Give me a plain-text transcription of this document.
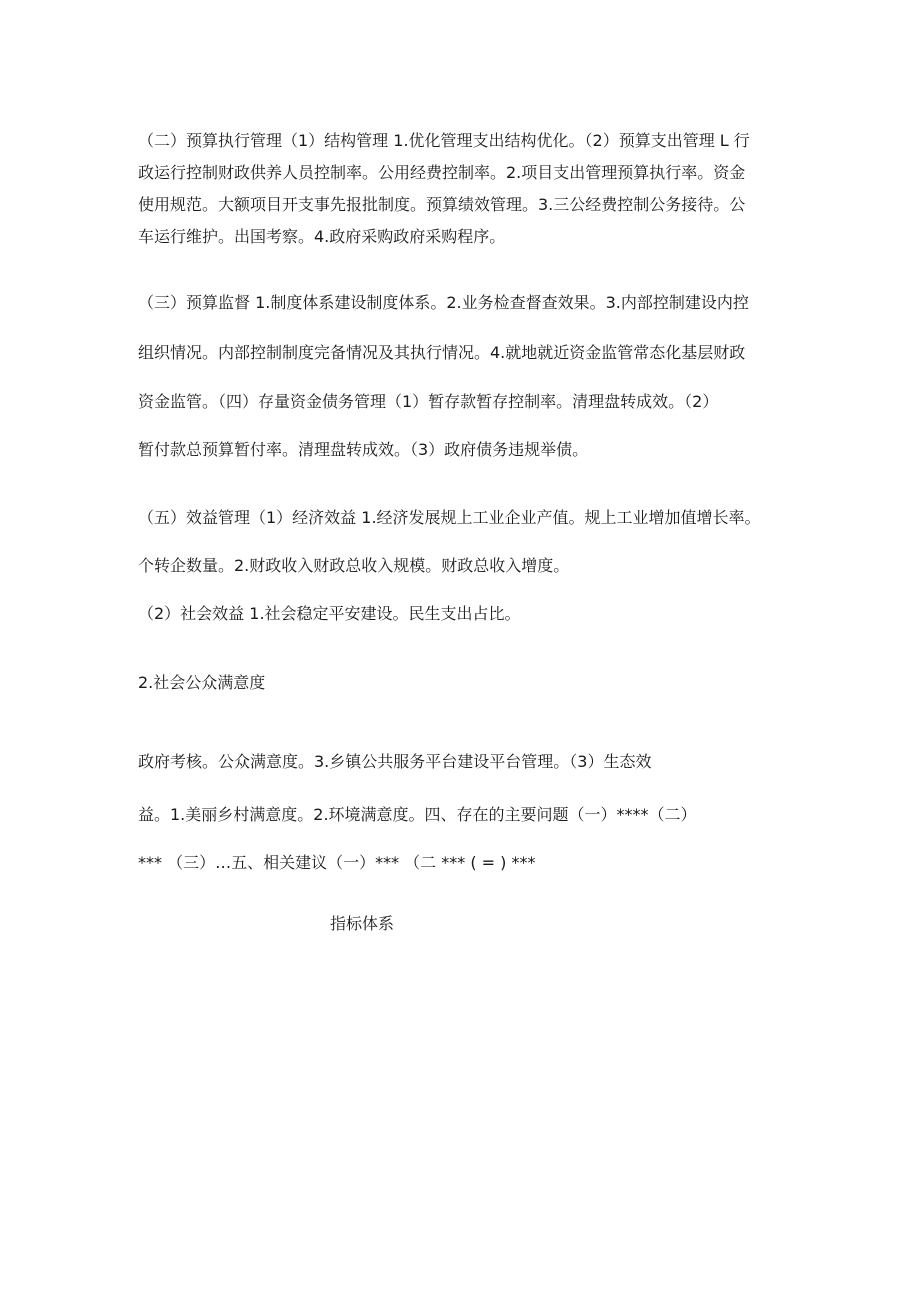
（二）预算执行管理（1）结构管理 1.优化管理支出结构优化。（2）预算支出管理 L 行
政运行控制财政供养人员控制率。公用经费控制率。2.项目支出管理预算执行率。资金
使用规范。大额项目开支事先报批制度。预算绩效管理。3.三公经费控制公务接待。公
车运行维护。出国考察。4.政府采购政府采购程序。
（三）预算监督 1.制度体系建设制度体系。2.业务检查督查效果。3.内部控制建设内控
组织情况。内部控制制度完备情况及其执行情况。4.就地就近资金监管常态化基层财政
资金监管。（四）存量资金债务管理（1）暂存款暂存控制率。清理盘转成效。（2）
暂付款总预算暂付率。清理盘转成效。（3）政府债务违规举债。
（五）效益管理（1）经济效益 1.经济发展规上工业企业产值。规上工业增加值增长率。
个转企数量。2.财政收入财政总收入规模。财政总收入增度。
（2）社会效益 1.社会稳定平安建设。民生支出占比。
2.社会公众满意度
政府考核。公众满意度。3.乡镇公共服务平台建设平台管理。（3）生态效
益。1.美丽乡村满意度。2.环境满意度。四、存在的主要问题（一）****（二）
*** （三）…五、相关建议（一）*** （二 *** ( = ) ***
指标体系
